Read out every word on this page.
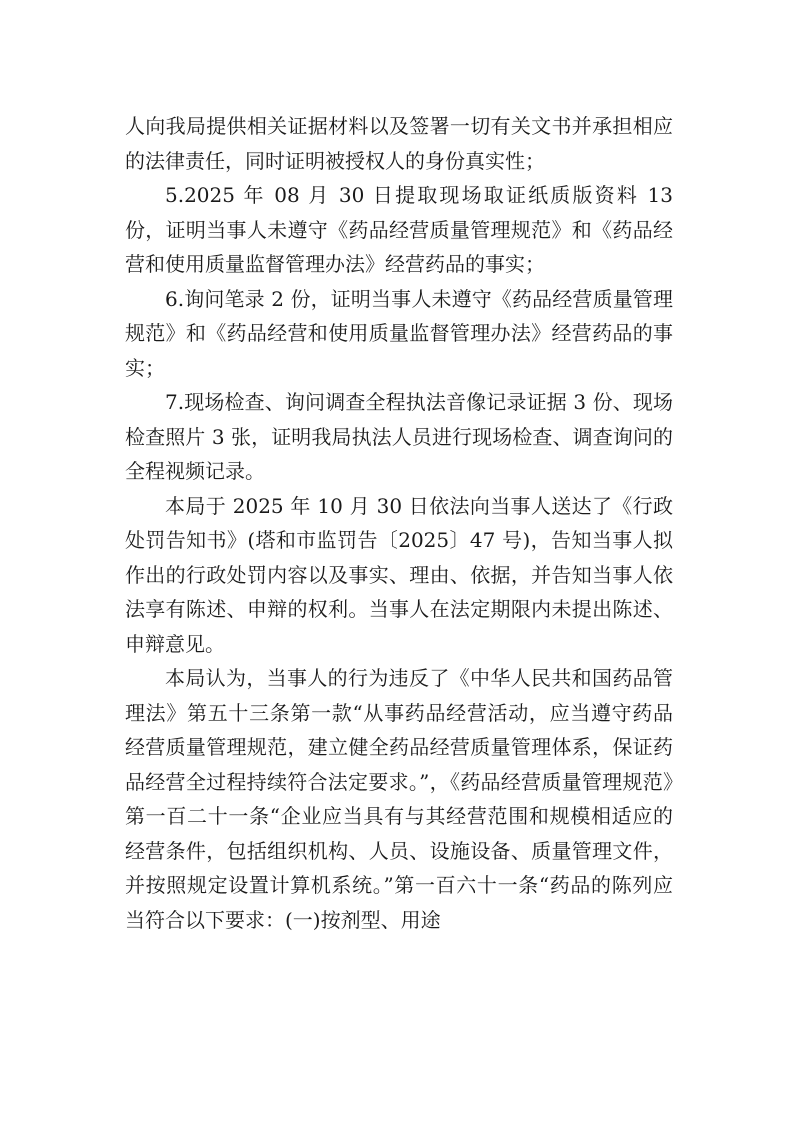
人向我局提供相关证据材料以及签署一切有关文书并承担相应的法律责任，同时证明被授权人的身份真实性；

5.2025 年 08 月 30 日提取现场取证纸质版资料 13 份，证明当事人未遵守《药品经营质量管理规范》和《药品经营和使用质量监督管理办法》经营药品的事实；

6.询问笔录 2 份，证明当事人未遵守《药品经营质量管理规范》和《药品经营和使用质量监督管理办法》经营药品的事实；

7.现场检查、询问调查全程执法音像记录证据 3 份、现场检查照片 3 张，证明我局执法人员进行现场检查、调查询问的全程视频记录。

本局于 2025 年 10 月 30 日依法向当事人送达了《行政处罚告知书》(塔和市监罚告〔2025〕47 号)，告知当事人拟作出的行政处罚内容以及事实、理由、依据，并告知当事人依法享有陈述、申辩的权利。当事人在法定期限内未提出陈述、申辩意见。

本局认为，当事人的行为违反了《中华人民共和国药品管理法》第五十三条第一款“从事药品经营活动，应当遵守药品经营质量管理规范，建立健全药品经营质量管理体系，保证药品经营全过程持续符合法定要求。”，《药品经营质量管理规范》第一百二十一条“企业应当具有与其经营范围和规模相适应的经营条件，包括组织机构、人员、设施设备、质量管理文件，并按照规定设置计算机系统。”第一百六十一条“药品的陈列应当符合以下要求：(一)按剂型、用途
